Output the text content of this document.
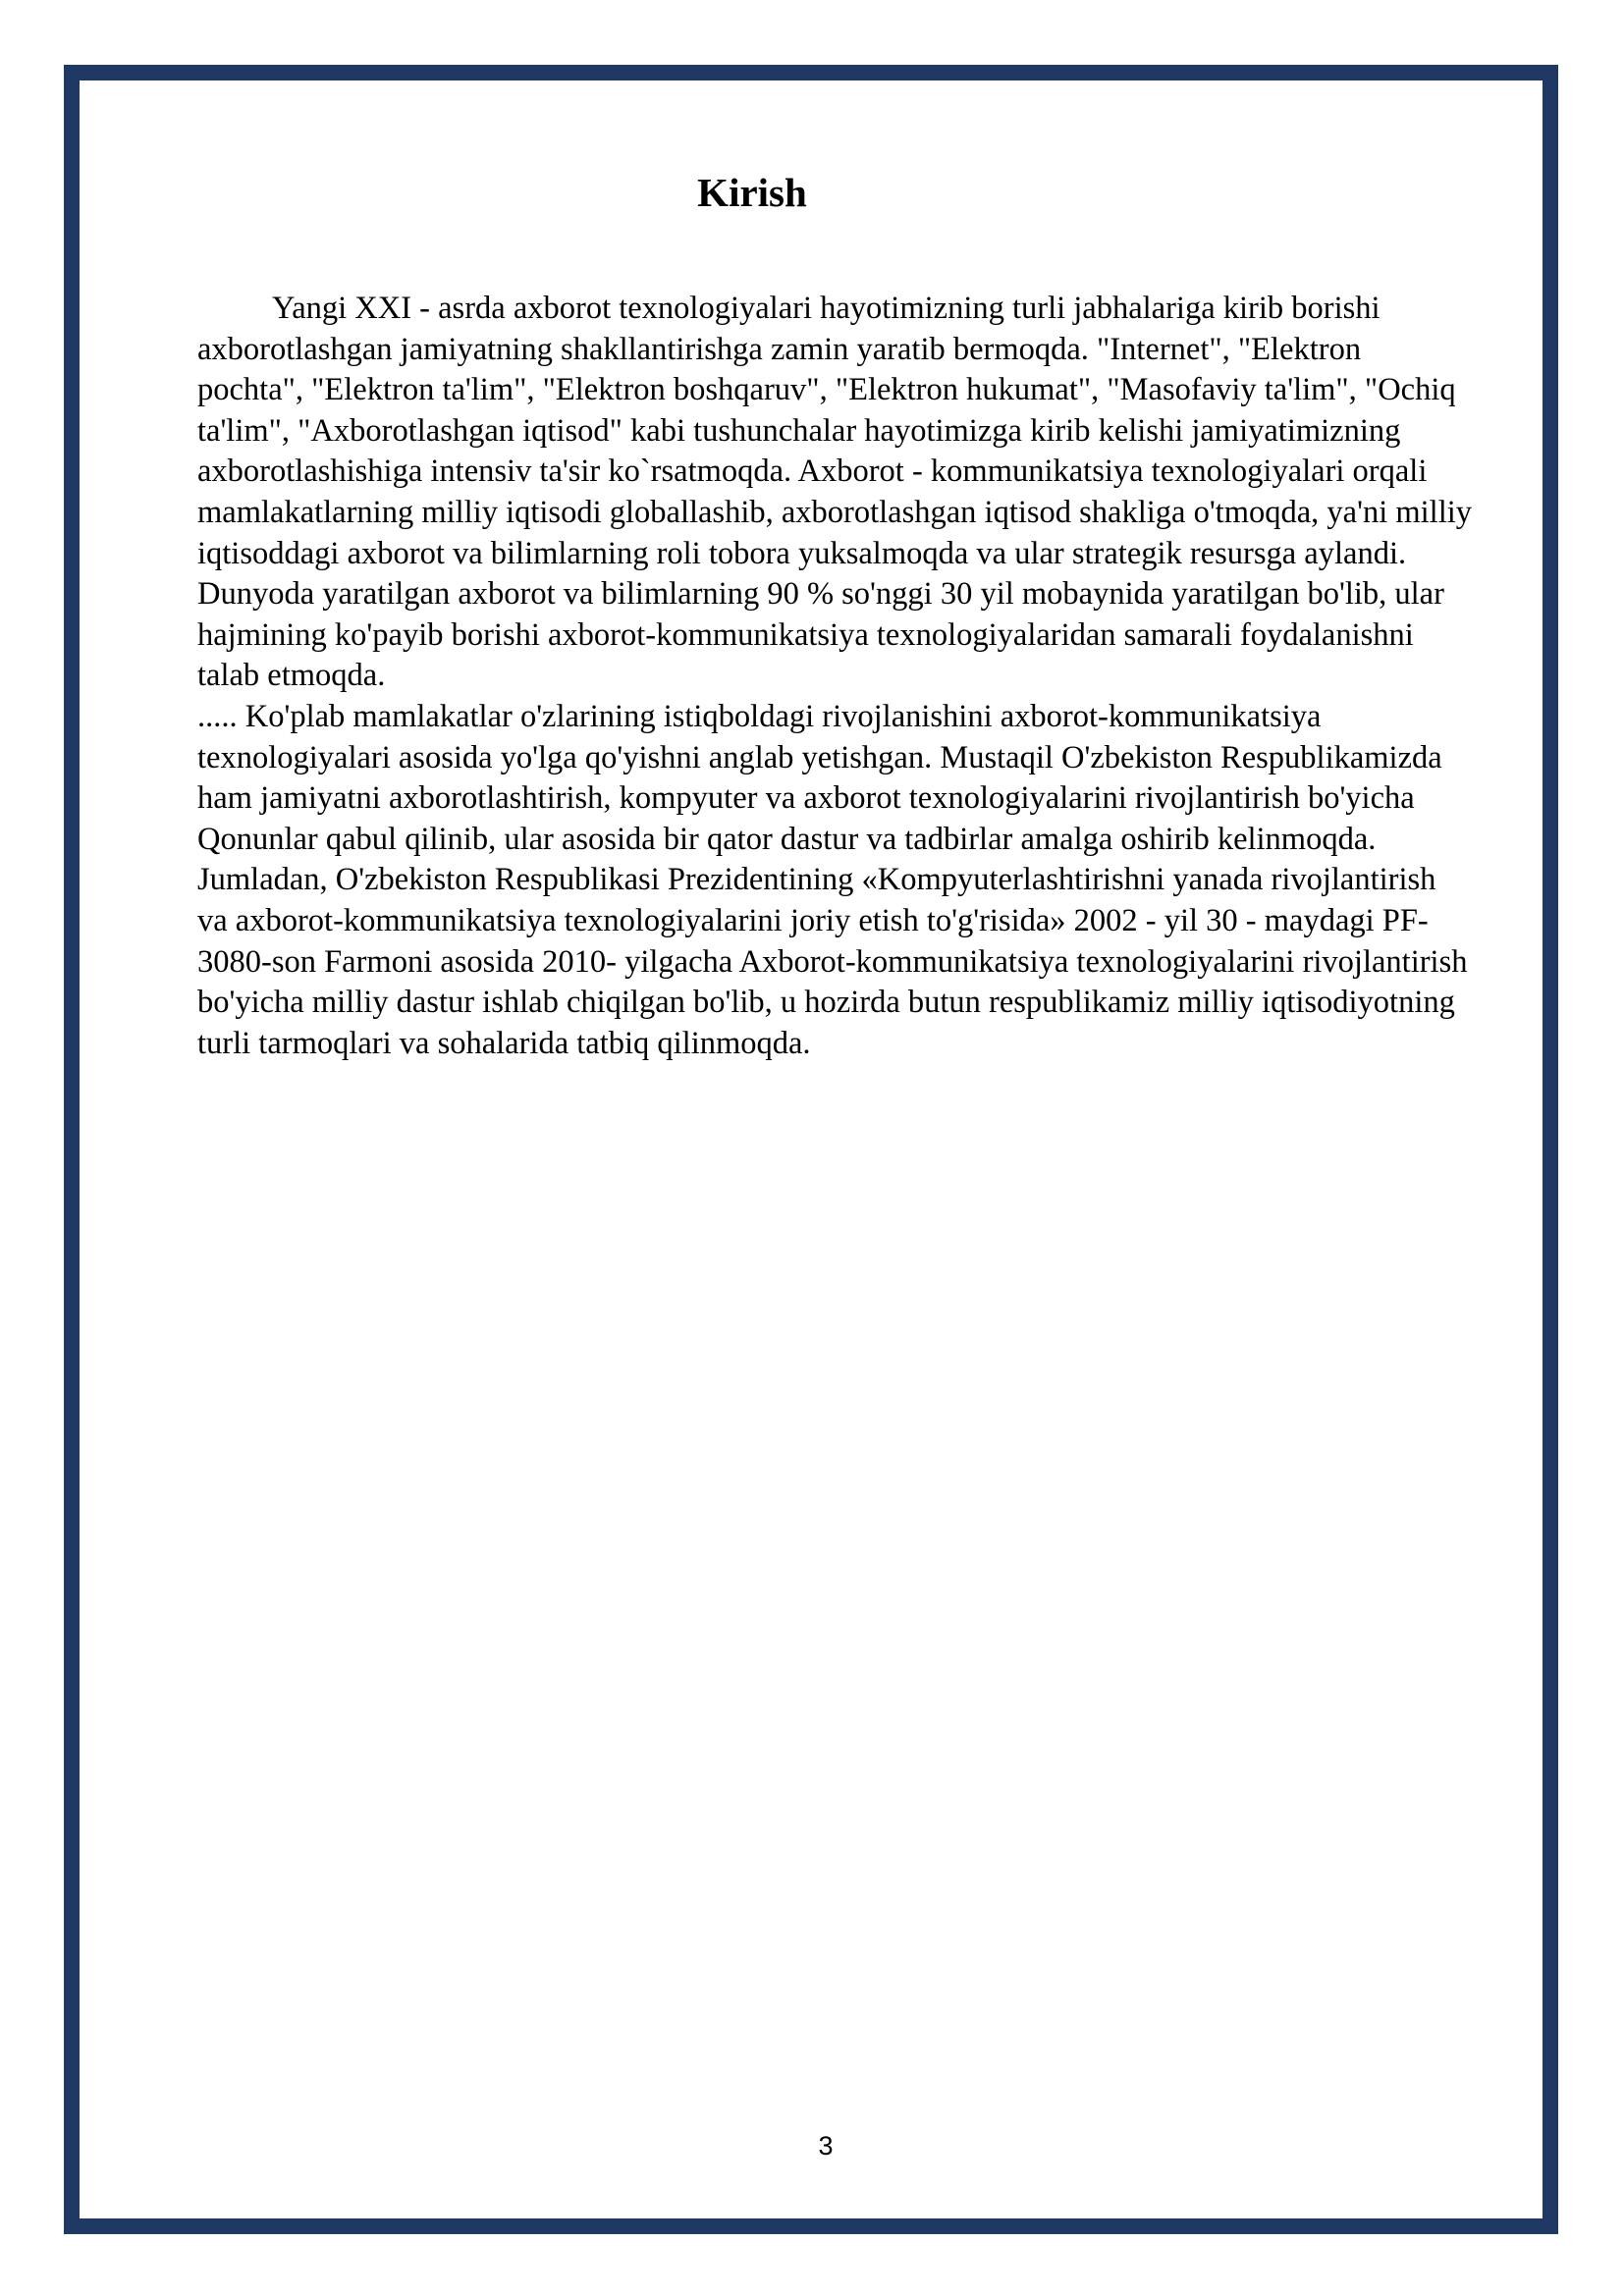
Kirish

Yangi XXI - asrda axborot texnologiyalari hayotimizning turli jabhalariga kirib borishi axborotlashgan jamiyatning shakllantirishga zamin yaratib bermoqda. "Internet", "Elektron pochta", "Elektron ta'lim", "Elektron boshqaruv", "Elektron hukumat", "Masofaviy ta'lim", "Ochiq ta'lim", "Axborotlashgan iqtisod" kabi tushunchalar hayotimizga kirib kelishi jamiyatimizning axborotlashishiga intensiv ta'sir ko`rsatmoqda. Axborot - kommunikatsiya texnologiyalari orqali mamlakatlarning milliy iqtisodi globallashib, axborotlashgan iqtisod shakliga o'tmoqda, ya'ni milliy iqtisoddagi axborot va bilimlarning roli tobora yuksalmoqda va ular strategik resursga aylandi. Dunyoda yaratilgan axborot va bilimlarning 90 % so'nggi 30 yil mobaynida yaratilgan bo'lib, ular hajmining ko'payib borishi axborot-kommunikatsiya texnologiyalaridan samarali foydalanishni talab etmoqda.

..... Ko'plab mamlakatlar o'zlarining istiqboldagi rivojlanishini axborot-kommunikatsiya texnologiyalari asosida yo'lga qo'yishni anglab yetishgan. Mustaqil O'zbekiston Respublikamizda ham jamiyatni axborotlashtirish, kompyuter va axborot texnologiyalarini rivojlantirish bo'yicha Qonunlar qabul qilinib, ular asosida bir qator dastur va tadbirlar amalga oshirib kelinmoqda. Jumladan, O'zbekiston Respublikasi Prezidentining «Kompyuterlashtirishni yanada rivojlantirish va axborot-kommunikatsiya texnologiyalarini joriy etish to'g'risida» 2002 - yil 30 - maydagi PF-3080-son Farmoni asosida 2010- yilgacha Axborot-kommunikatsiya texnologiyalarini rivojlantirish bo'yicha milliy dastur ishlab chiqilgan bo'lib, u hozirda butun respublikamiz milliy iqtisodiyotning turli tarmoqlari va sohalarida tatbiq qilinmoqda.

3
